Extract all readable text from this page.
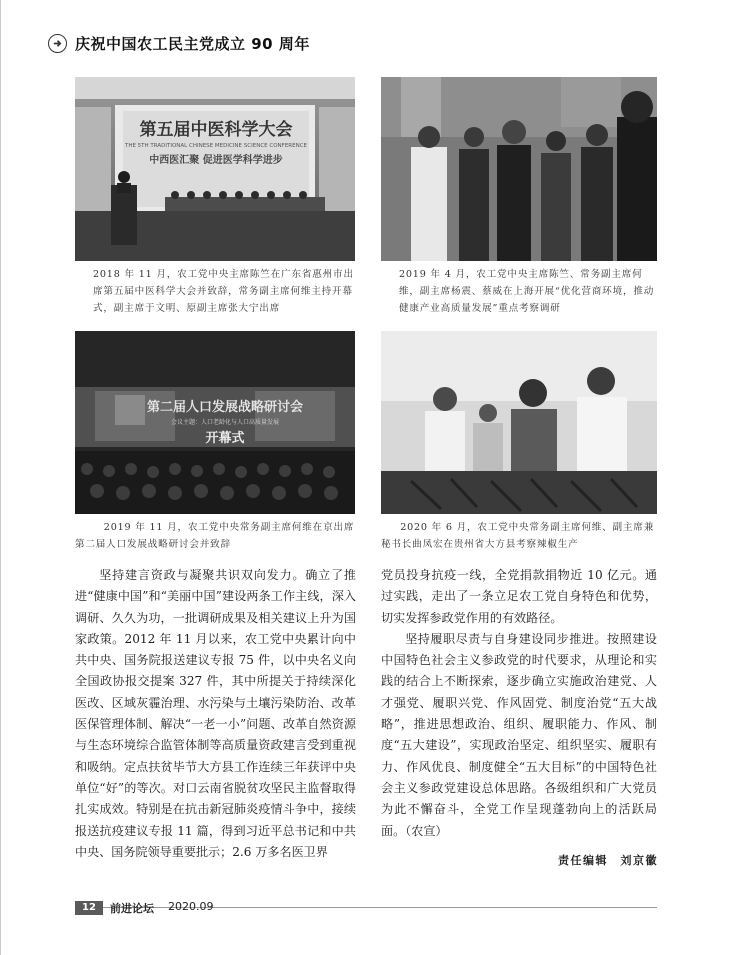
庆祝中国农工民主党成立 90 周年
第五届中医科学大会
THE 5TH TRADITIONAL CHINESE MEDICINE SCIENCE CONFERENCE
中西医汇聚 促进医学科学进步
2018 年 11 月，农工党中央主席陈竺在广东省惠州市出席第五届中医科学大会并致辞，常务副主席何维主持开幕式，副主席于文明、原副主席张大宁出席
2019 年 4 月，农工党中央主席陈竺、常务副主席何维，副主席杨震、蔡威在上海开展“优化营商环境，推动健康产业高质量发展”重点考察调研
第二届人口发展战略研讨会
会议主题：人口老龄化与人口高质量发展
开幕式
2019 年 11 月，农工党中央常务副主席何维在京出席第二届人口发展战略研讨会并致辞
2020 年 6 月，农工党中央常务副主席何维、副主席兼秘书长曲凤宏在贵州省大方县考察辣椒生产

坚持建言资政与凝聚共识双向发力。确立了推进“健康中国”和“美丽中国”建设两条工作主线，深入调研、久久为功，一批调研成果及相关建议上升为国家政策。2012 年 11 月以来，农工党中央累计向中共中央、国务院报送建议专报 75 件，以中央名义向全国政协报交提案 327 件，其中所提关于持续深化医改、区域灰霾治理、水污染与土壤污染防治、改革医保管理体制、解决“一老一小”问题、改革自然资源与生态环境综合监管体制等高质量资政建言受到重视和吸纳。定点扶贫毕节大方县工作连续三年获评中央单位“好”的等次。对口云南省脱贫攻坚民主监督取得扎实成效。特别是在抗击新冠肺炎疫情斗争中，接续报送抗疫建议专报 11 篇，得到习近平总书记和中共中央、国务院领导重要批示；2.6 万多名医卫界

党员投身抗疫一线，全党捐款捐物近 10 亿元。通过实践，走出了一条立足农工党自身特色和优势，切实发挥参政党作用的有效路径。

坚持履职尽责与自身建设同步推进。按照建设中国特色社会主义参政党的时代要求，从理论和实践的结合上不断探索，逐步确立实施政治建党、人才强党、履职兴党、作风固党、制度治党“五大战略”，推进思想政治、组织、履职能力、作风、制度“五大建设”，实现政治坚定、组织坚实、履职有力、作风优良、制度健全“五大目标”的中国特色社会主义参政党建设总体思路。各级组织和广大党员为此不懈奋斗，全党工作呈现蓬勃向上的活跃局面。（农宣）

责任编辑　刘京徽
12	前进论坛 2020.09
